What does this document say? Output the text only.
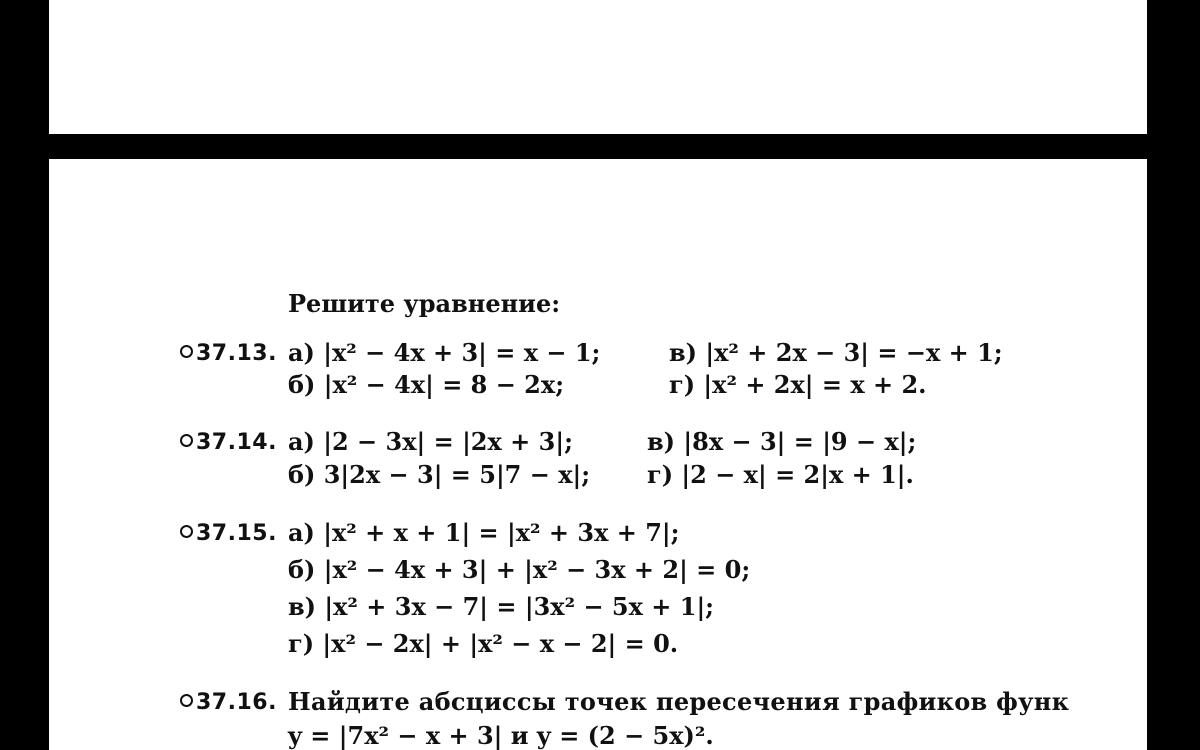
Решите уравнение:
37.13. а) |x² − 4x + 3| = x − 1;	в) |x² + 2x − 3| = −x + 1;
б) |x² − 4x| = 8 − 2x;	г) |x² + 2x| = x + 2.
37.14. а) |2 − 3x| = |2x + 3|;	в) |8x − 3| = |9 − x|;
б) 3|2x − 3| = 5|7 − x|; г) |2 − x| = 2|x + 1|.
37.15. а) |x² + x + 1| = |x² + 3x + 7|;
б) |x² − 4x + 3| + |x² − 3x + 2| = 0;
в) |x² + 3x − 7| = |3x² − 5x + 1|;
г) |x² − 2x| + |x² − x − 2| = 0.
37.16. Найдите абсциссы точек пересечения графиков функ
y = |7x² − x + 3| и y = (2 − 5x)².
